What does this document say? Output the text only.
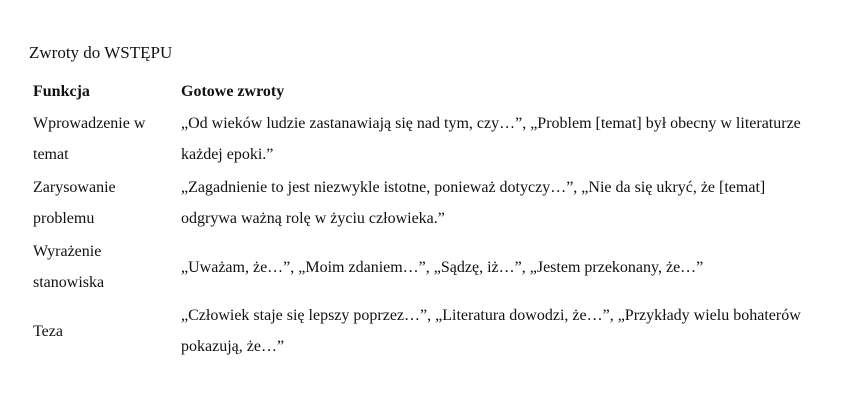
Zwroty do WSTĘPU

Funkcja	Gotowe zwroty
Wprowadzenie w temat	„Od wieków ludzie zastanawiają się nad tym, czy…”, „Problem [temat] był obecny w literaturze każdej epoki.”
Zarysowanie problemu	„Zagadnienie to jest niezwykle istotne, ponieważ dotyczy…”, „Nie da się ukryć, że [temat] odgrywa ważną rolę w życiu człowieka.”
Wyrażenie stanowiska	„Uważam, że…”, „Moim zdaniem…”, „Sądzę, iż…”, „Jestem przekonany, że…”
Teza	„Człowiek staje się lepszy poprzez…”, „Literatura dowodzi, że…”, „Przykłady wielu bohaterów pokazują, że…”
